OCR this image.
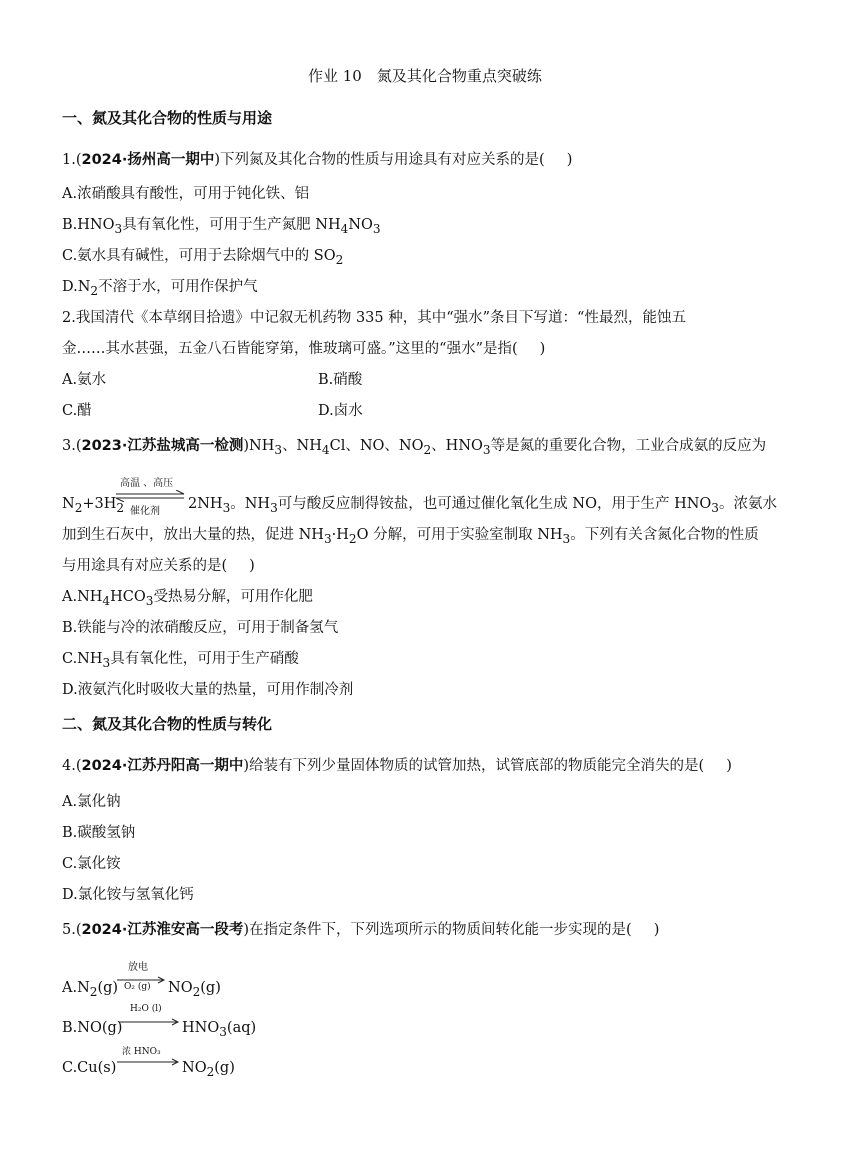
作业 10　氮及其化合物重点突破练
一、氮及其化合物的性质与用途
1.(2024·扬州高一期中)下列氮及其化合物的性质与用途具有对应关系的是( )
A.浓硝酸具有酸性，可用于钝化铁、铝
$B.HNO_3$具有氧化性，可用于生产氮肥 $NH_4NO_3$
C.氨水具有碱性，可用于去除烟气中的 $SO_2$
$D.N_2$不溶于水，可用作保护气
2.我国清代《本草纲目拾遗》中记叙无机药物 335 种，其中“强水”条目下写道：“性最烈，能蚀五
金……其水甚强，五金八石皆能穿第，惟玻璃可盛。”这里的“强水”是指( )
A.氨水	B.硝酸
C.醋	D.卤水
3.(2023·江苏盐城高一检测)$NH_3$、$NH_4Cl$、NO、$NO_2$、$HNO_3$等是氮的重要化合物，工业合成氨的反应为
$N_2+3H_2$
高温 、高压
催化剂 $2NH_3$。$NH_3$可与酸反应制得铵盐，也可通过催化氧化生成 NO，用于生产 $HNO_3$。浓氨水
加到生石灰中，放出大量的热，促进 $NH_3\cdot H_2O$ 分解，可用于实验室制取 $NH_3$。下列有关含氮化合物的性质
与用途具有对应关系的是( )
$A.NH_4HCO_3$受热易分解，可用作化肥
B.铁能与冷的浓硝酸反应，可用于制备氢气
$C.NH_3$具有氧化性，可用于生产硝酸
D.液氨汽化时吸收大量的热量，可用作制冷剂
二、氮及其化合物的性质与转化
4.(2024·江苏丹阳高一期中)给装有下列少量固体物质的试管加热，试管底部的物质能完全消失的是( )
A.氯化钠
B.碳酸氢钠
C.氯化铵
D.氯化铵与氢氧化钙
5.(2024·江苏淮安高一段考)在指定条件下，下列选项所示的物质间转化能一步实现的是( )
$A.N_2(g)$
放电
O₂ (g) $NO_2(g)$
B.NO(g)
H₂O (l)
$HNO_3(aq)$
C.Cu(s)
浓 HNO₃
$NO_2(g)$
